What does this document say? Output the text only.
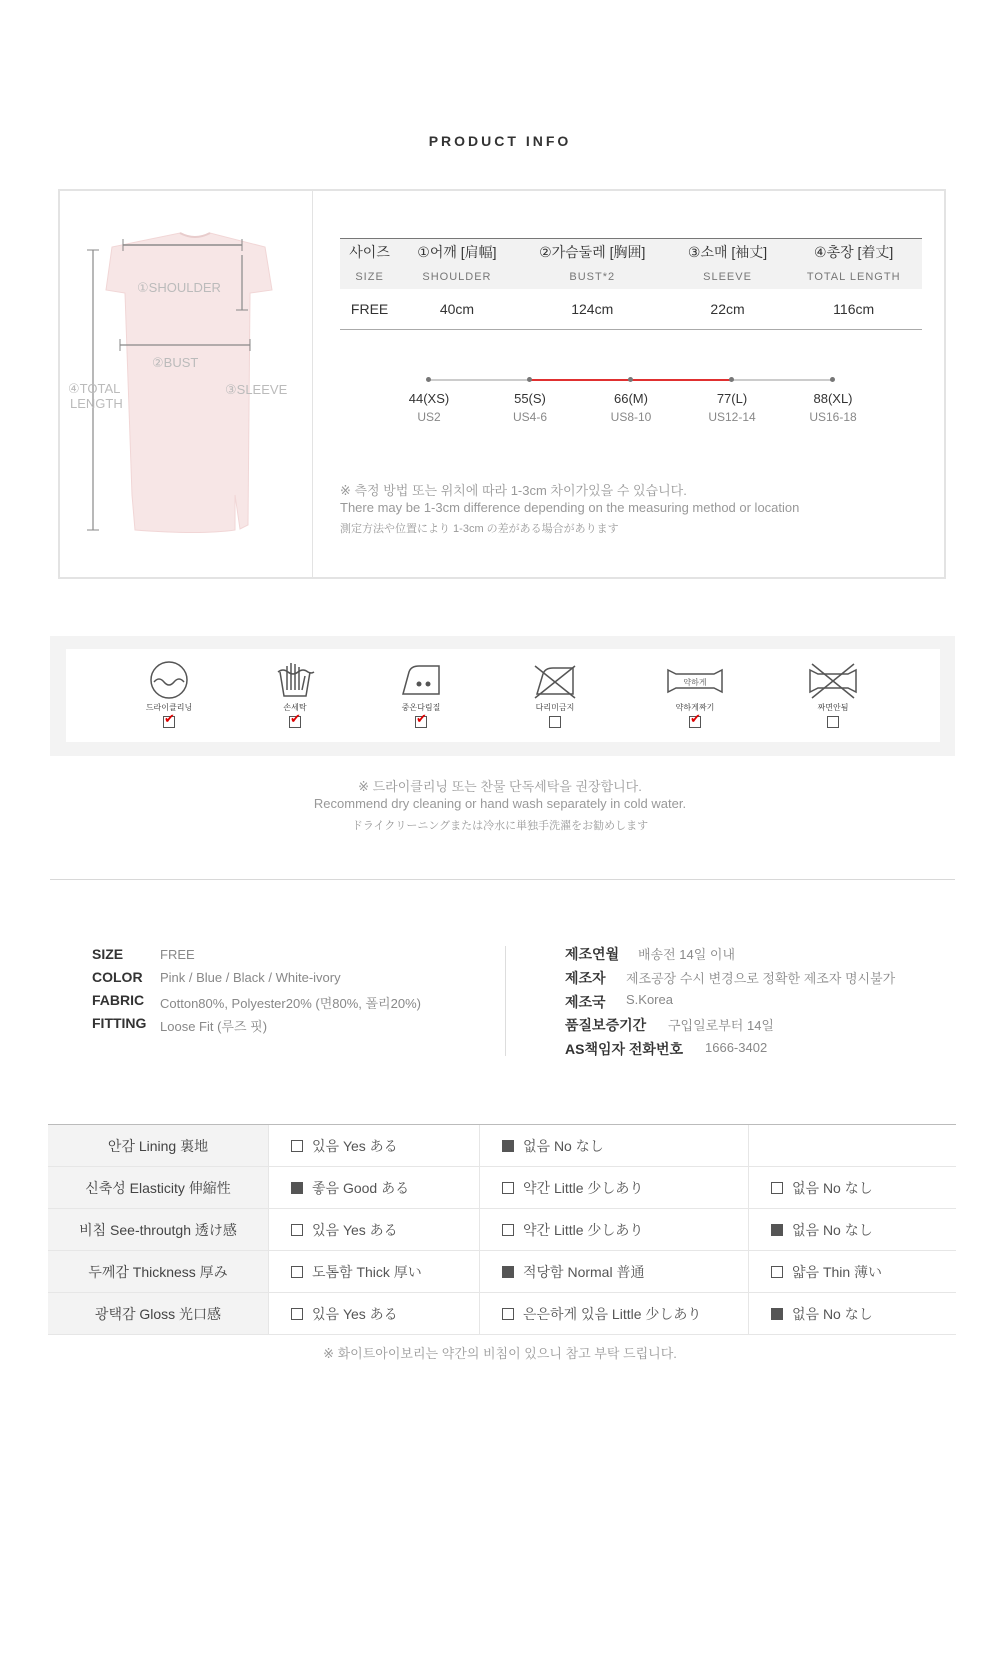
PRODUCT INFO
①SHOULDER
②BUST
③SLEEVE
④TOTAL
LENGTH
사이즈	①어깨 [肩幅]	②가슴둘레 [胸囲]	③소매 [袖丈]	④총장 [着丈]
SIZE	SHOULDER	BUST*2	SLEEVE	TOTAL LENGTH
FREE	40cm	124cm	22cm	116cm
44(XS)	55(S)	66(M)	77(L)	88(XL)
US2	US4-6	US8-10	US12-14	US16-18
※ 측정 방법 또는 위치에 따라 1-3cm 차이가있을 수 있습니다.
There may be 1-3cm difference depending on the measuring method or location
測定方法や位置により 1-3cm の差がある場合があります
드라이클리닝
✔
손세탁
✔
중온다림질
✔
다리미금지
약하게
약하게짜기
✔
짜면안됨
※ 드라이클리닝 또는 찬물 단독세탁을 권장합니다.
Recommend dry cleaning or hand wash separately in cold water.
ドライクリーニングまたは冷水に単独手洗濯をお勧めします
SIZE	FREE
COLOR Pink / Blue / Black / White-ivory
FABRIC Cotton80%, Polyester20% (면80%, 폴리20%)
FITTING Loose Fit (루즈 핏)
제조연월 배송전 14일 이내
제조자 제조공장 수시 변경으로 정확한 제조자 명시불가
제조국 S.Korea
품질보증기간 구입일로부터 14일
AS책임자 전화번호 1666-3402
안감 Lining 裏地	있음 Yes ある	없음 No なし	
신축성 Elasticity 伸縮性	좋음 Good ある	약간 Little 少しあり	없음 No なし
비침 See-throutgh 透け感	있음 Yes ある	약간 Little 少しあり	없음 No なし
두께감 Thickness 厚み	도톰함 Thick 厚い	적당함 Normal 普通	얇음 Thin 薄い
광택감 Gloss 光口感	있음 Yes ある	은은하게 있음 Little 少しあり	없음 No なし
※ 화이트아이보리는 약간의 비침이 있으니 참고 부탁 드립니다.
